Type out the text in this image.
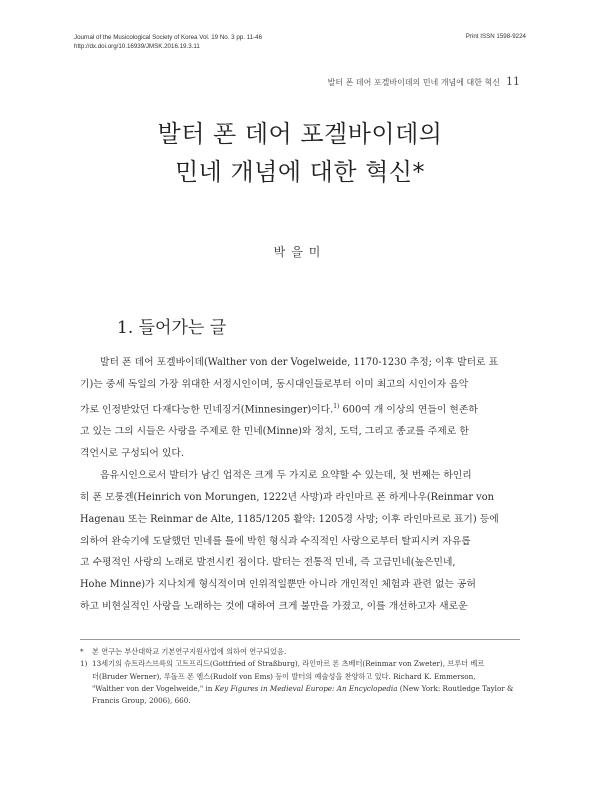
Journal of the Musicological Society of Korea Vol. 19 No. 3 pp. 11-46
http://dx.doi.org/10.16939/JMSK.2016.19.3.11
Print ISSN 1598-9224
발터 폰 데어 포겔바이데의 민네 개념에 대한 혁신 11
발터 폰 데어 포겔바이데의
민네 개념에 대한 혁신*
박을미
1. 들어가는 글
발터 폰 데어 포겔바이데(Walther von der Vogelweide, 1170-1230 추정; 이후 발터로 표
기)는 중세 독일의 가장 위대한 서정시인이며, 동시대인들로부터 이미 최고의 시인이자 음악
가로 인정받았던 다재다능한 민네징거(Minnesinger)이다.$^{1)}$ 600여 개 이상의 연들이 현존하
고 있는 그의 시들은 사랑을 주제로 한 민네(Minne)와 정치, 도덕, 그리고 종교를 주제로 한
격언시로 구성되어 있다.
음유시인으로서 발터가 남긴 업적은 크게 두 가지로 요약할 수 있는데, 첫 번째는 하인리
히 폰 모룽겐(Heinrich von Morungen, 1222년 사망)과 라인마르 폰 하게나우(Reinmar von
Hagenau 또는 Reinmar de Alte, 1185/1205 활약: 1205경 사망; 이후 라인마르로 표기) 등에
의하여 완숙기에 도달했던 민네를 틀에 박힌 형식과 수직적인 사랑으로부터 탈피시켜 자유롭
고 수평적인 사랑의 노래로 발전시킨 점이다. 발터는 전통적 민네, 즉 고급민네(높은민네,
Hohe Minne)가 지나치게 형식적이며 인위적일뿐만 아니라 개인적인 체험과 관련 없는 공허
하고 비현실적인 사랑을 노래하는 것에 대하여 크게 불만을 가졌고, 이를 개선하고자 새로운
* 본 연구는 부산대학교 기본연구지원사업에 의하여 연구되었음.
1) 13세기의 슈트라스브륵의 고트프리드(Gottfried of Straßburg), 라인마르 폰 츠베터(Reinmar von Zweter), 브루더 베르
더(Bruder Werner), 루돌프 폰 엠스(Rudolf von Ems) 등이 발터의 예술성을 찬양하고 있다. Richard K. Emmerson,
"Walther von der Vogelweide," in Key Figures in Medieval Europe: An Encyclopedia (New York: Routledge Taylor &
Francis Group, 2006), 660.
